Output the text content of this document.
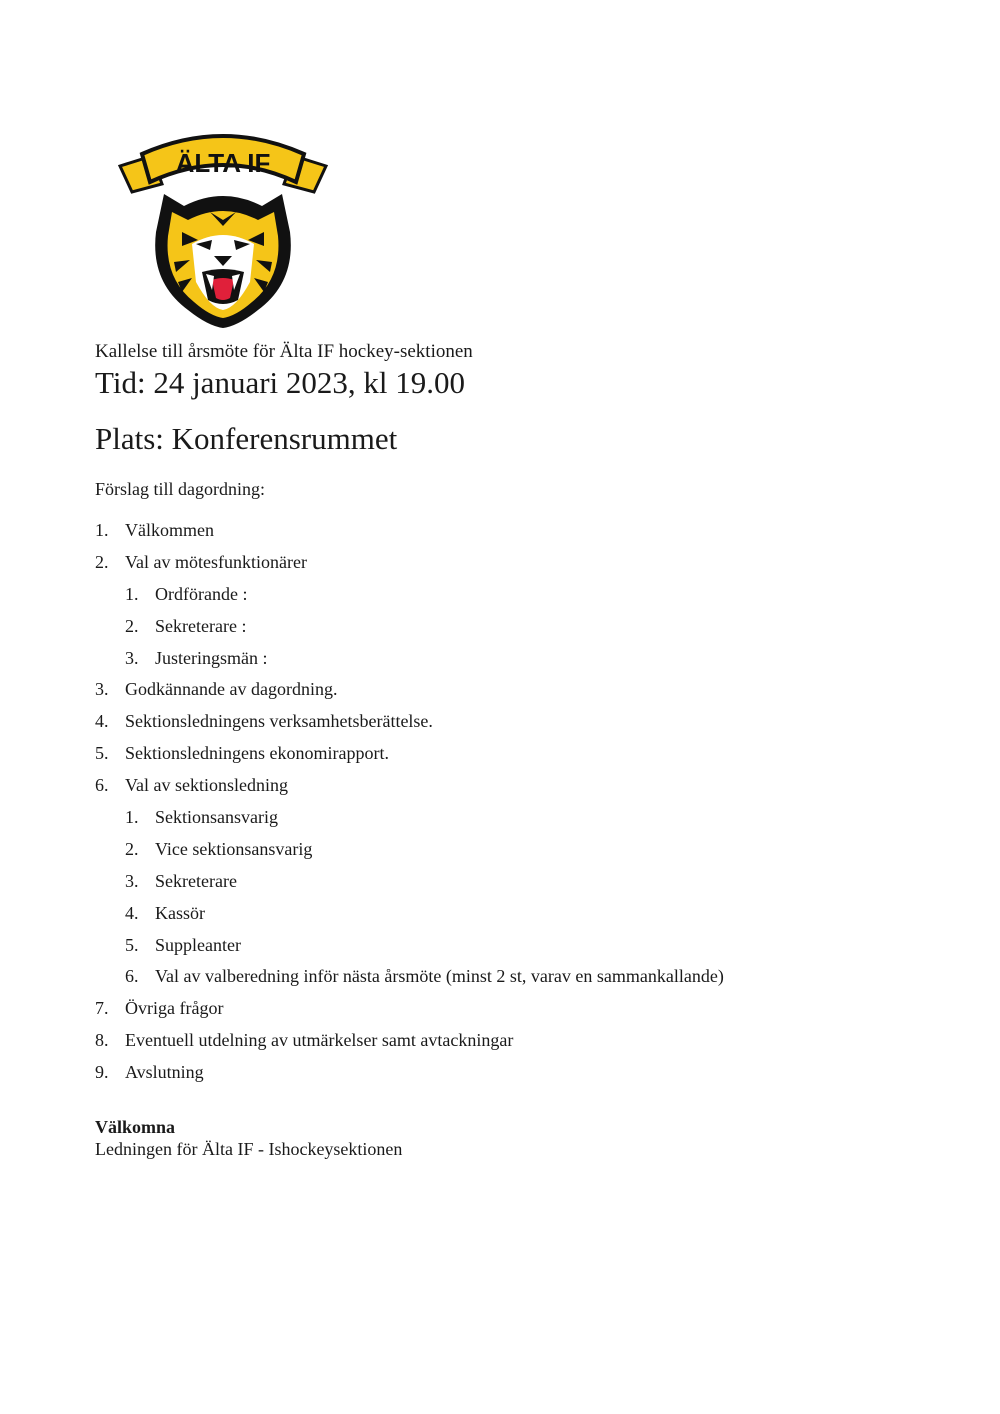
ÄLTA IF
Kallelse till årsmöte för Älta IF hockey-sektionen
Tid: 24 januari 2023, kl 19.00
Plats: Konferensrummet
Förslag till dagordning:
1. Välkommen
2. Val av mötesfunktionärer
1. Ordförande :
2. Sekreterare :
3. Justeringsmän :
3. Godkännande av dagordning.
4. Sektionsledningens verksamhetsberättelse.
5. Sektionsledningens ekonomirapport.
6. Val av sektionsledning
1. Sektionsansvarig
2. Vice sektionsansvarig
3. Sekreterare
4. Kassör
5. Suppleanter
6. Val av valberedning inför nästa årsmöte (minst 2 st, varav en sammankallande)
7. Övriga frågor
8. Eventuell utdelning av utmärkelser samt avtackningar
9. Avslutning
Välkomna
Ledningen för Älta IF - Ishockeysektionen
